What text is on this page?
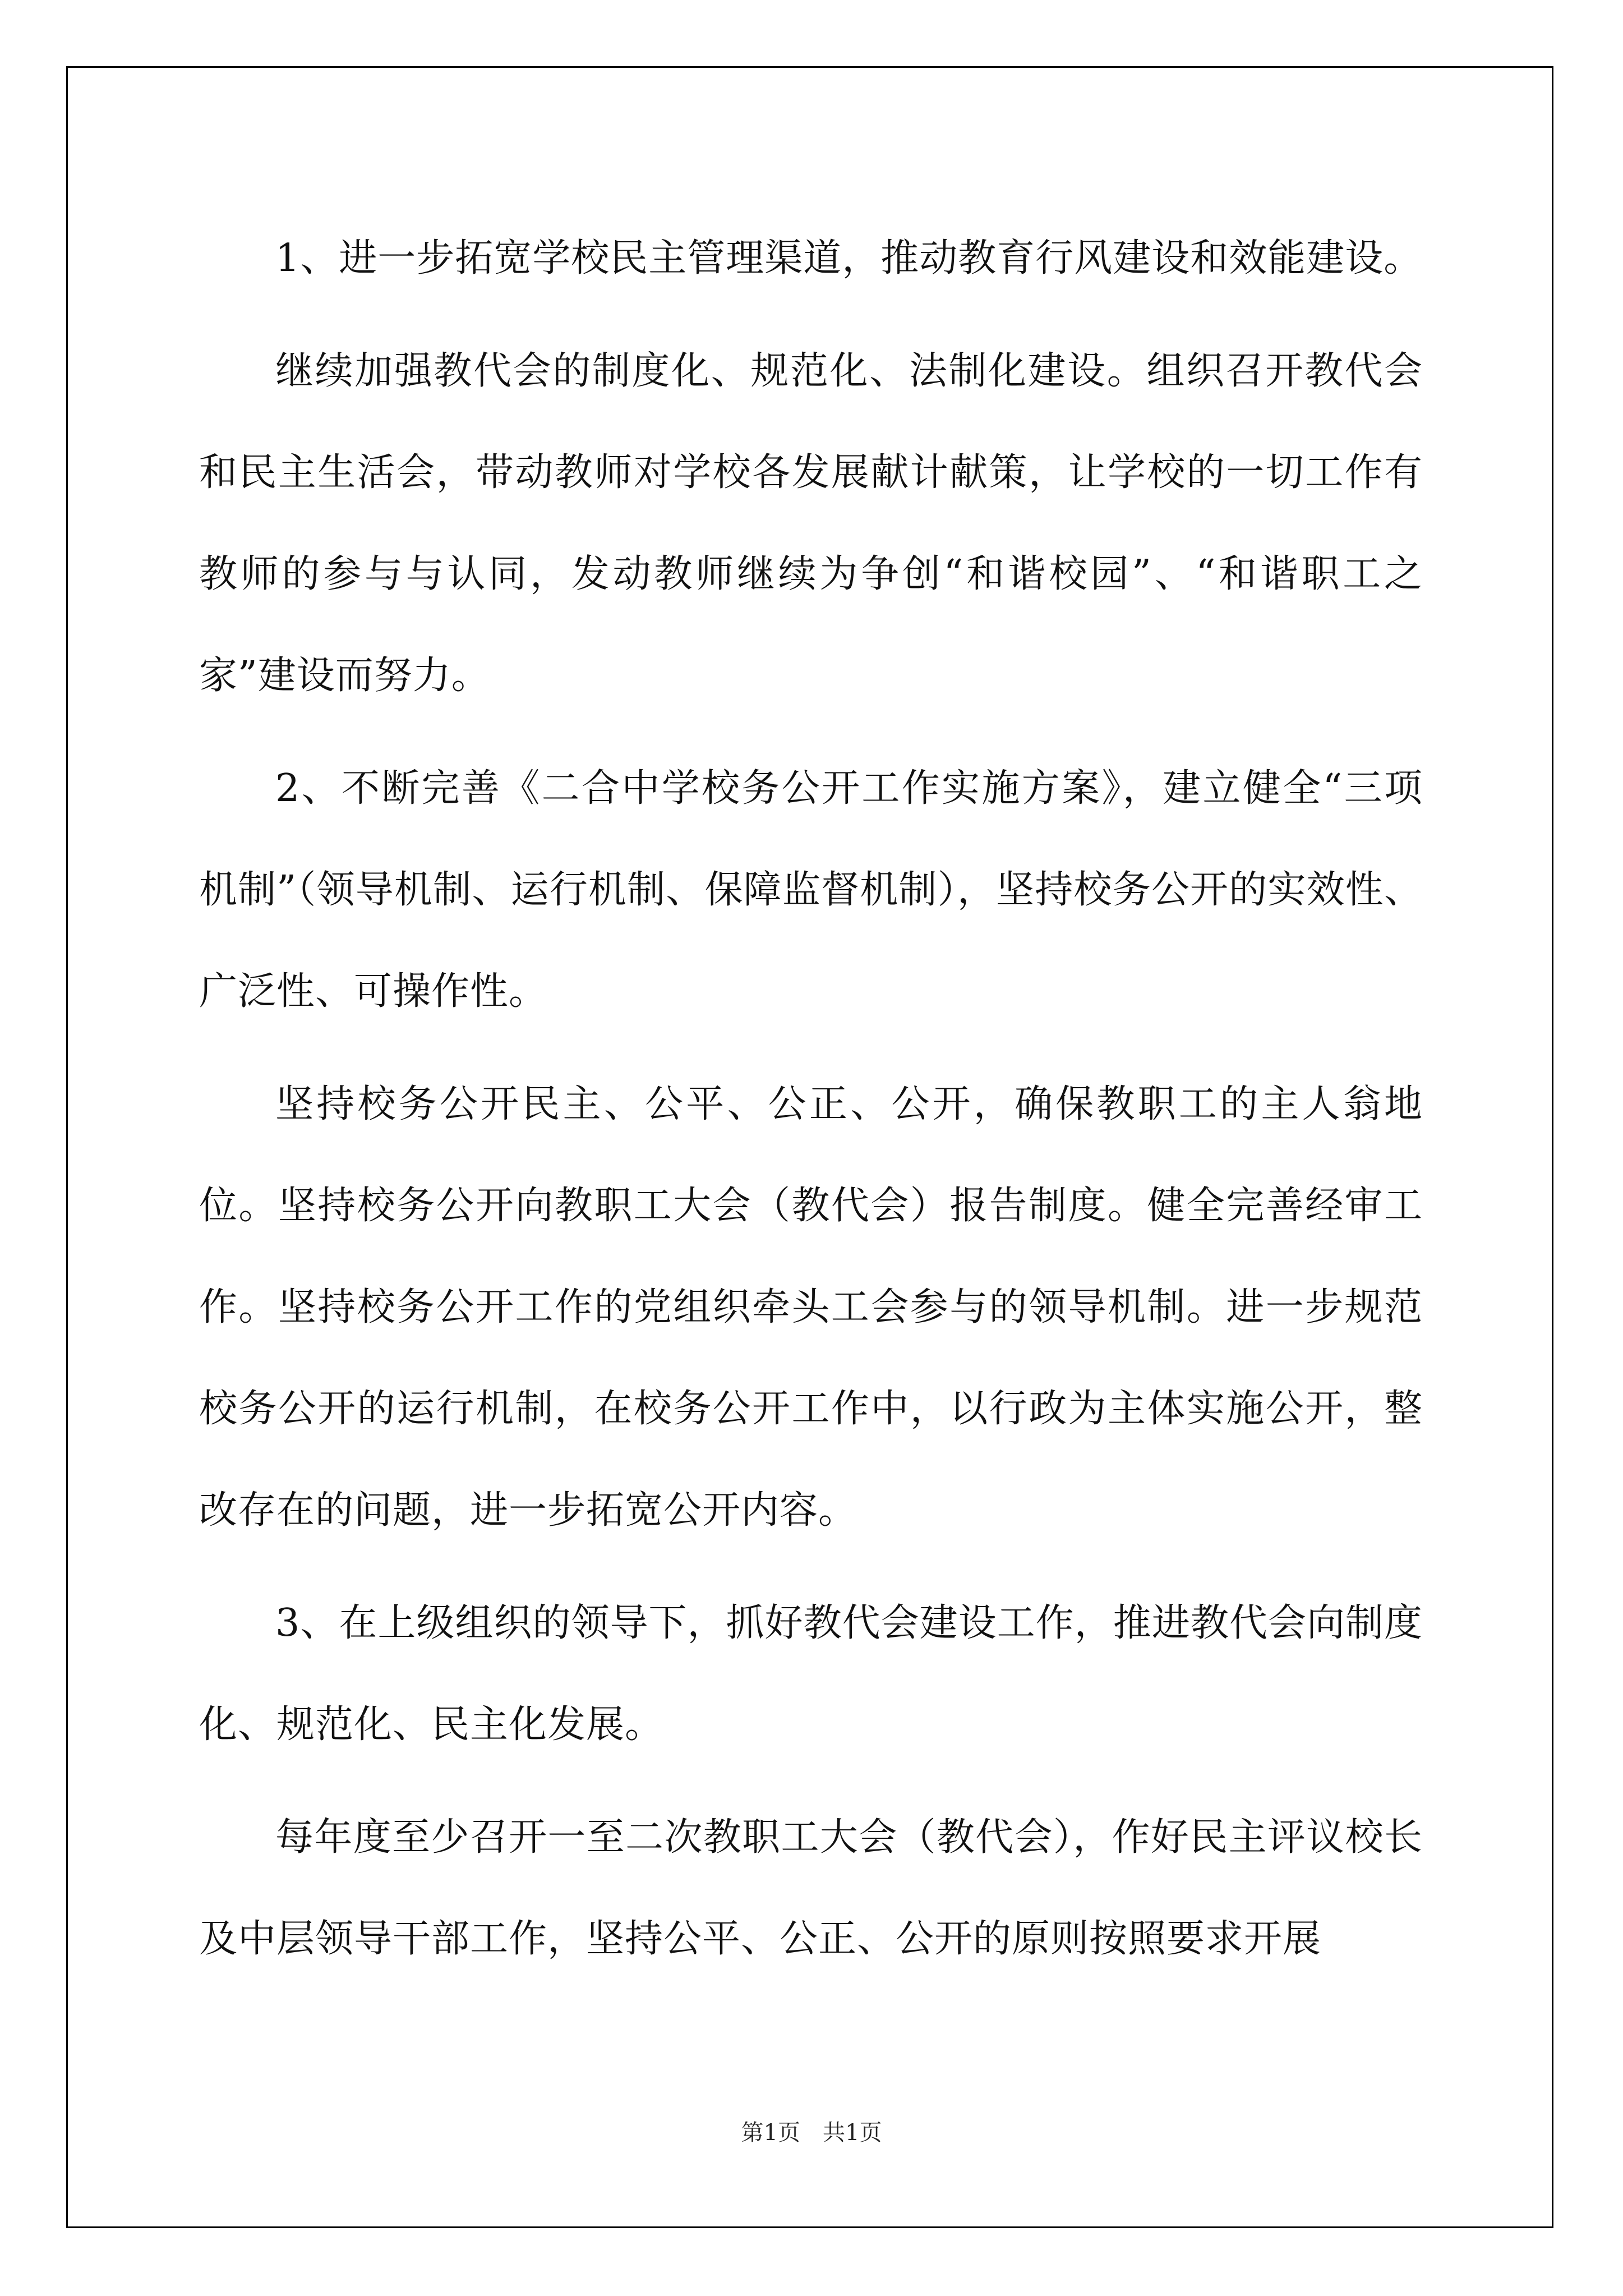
1、进一步拓宽学校民主管理渠道，推动教育行风建设和效能建设。

继续加强教代会的制度化、规范化、法制化建设。组织召开教代会和民主生活会，带动教师对学校各发展献计献策，让学校的一切工作有教师的参与与认同，发动教师继续为争创“和谐校园”、“和谐职工之家”建设而努力。

2、不断完善《二合中学校务公开工作实施方案》，建立健全“三项机制”（领导机制、运行机制、保障监督机制），坚持校务公开的实效性、广泛性、可操作性。

坚持校务公开民主、公平、公正、公开，确保教职工的主人翁地位。坚持校务公开向教职工大会（教代会）报告制度。健全完善经审工作。坚持校务公开工作的党组织牵头工会参与的领导机制。进一步规范校务公开的运行机制，在校务公开工作中，以行政为主体实施公开，整改存在的问题，进一步拓宽公开内容。

3、在上级组织的领导下，抓好教代会建设工作，推进教代会向制度化、规范化、民主化发展。

每年度至少召开一至二次教职工大会（教代会），作好民主评议校长及中层领导干部工作，坚持公平、公正、公开的原则按照要求开展

第1页 共1页
